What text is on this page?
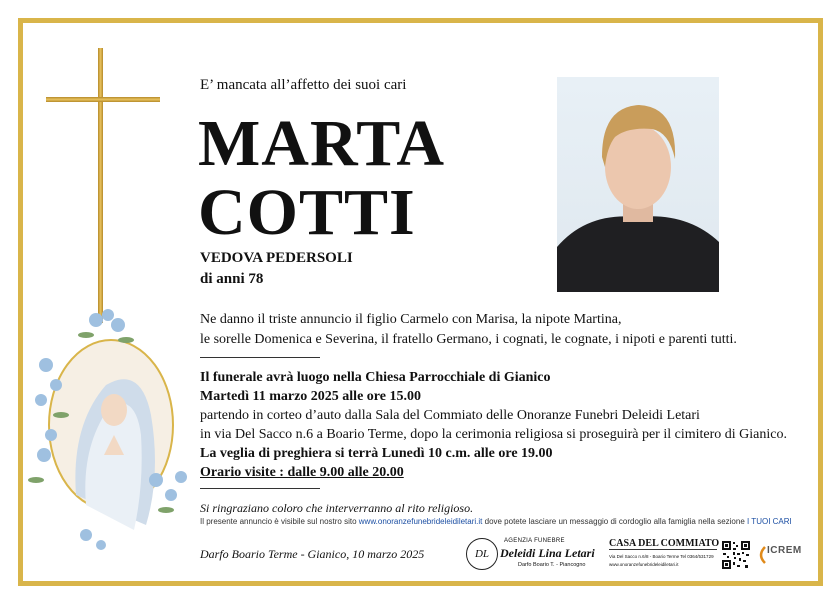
E’ mancata all’affetto dei suoi cari
MARTA
COTTI
VEDOVA PEDERSOLI
di anni 78
Ne danno il triste annuncio il figlio Carmelo con Marisa, la nipote Martina,
le sorelle Domenica e Severina, il fratello Germano, i cognati, le cognate, i nipoti e parenti tutti.
Il funerale avrà luogo nella Chiesa Parrocchiale di Gianico
Martedì 11 marzo 2025 alle ore 15.00
partendo in corteo d’auto dalla Sala del Commiato delle Onoranze Funebri Deleidi Letari
in via Del Sacco n.6 a Boario Terme, dopo la cerimonia religiosa si proseguirà per il cimitero di Gianico.
La veglia di preghiera si terrà Lunedì 10 c.m. alle ore 19.00
Orario visite : dalle 9.00 alle 20.00
Si ringraziano coloro che interverranno al rito religioso.
Il presente annuncio è visibile sul nostro sito www.onoranzefunebrideleidiletari.it dove potete lasciare un messaggio di cordoglio alla famiglia nella sezione I TUOI CARI
Darfo Boario Terme - Gianico, 10 marzo 2025	DL
AGENZIA FUNEBRE
Deleidi Lina Letari
Darfo Boario T. - Piancogno
CASA DEL COMMIATO
Via Del Sacco n.6/8 - Boario Terme Tel 0364/531729
www.onoranzefunebrideleidiletari.it
ICREM
